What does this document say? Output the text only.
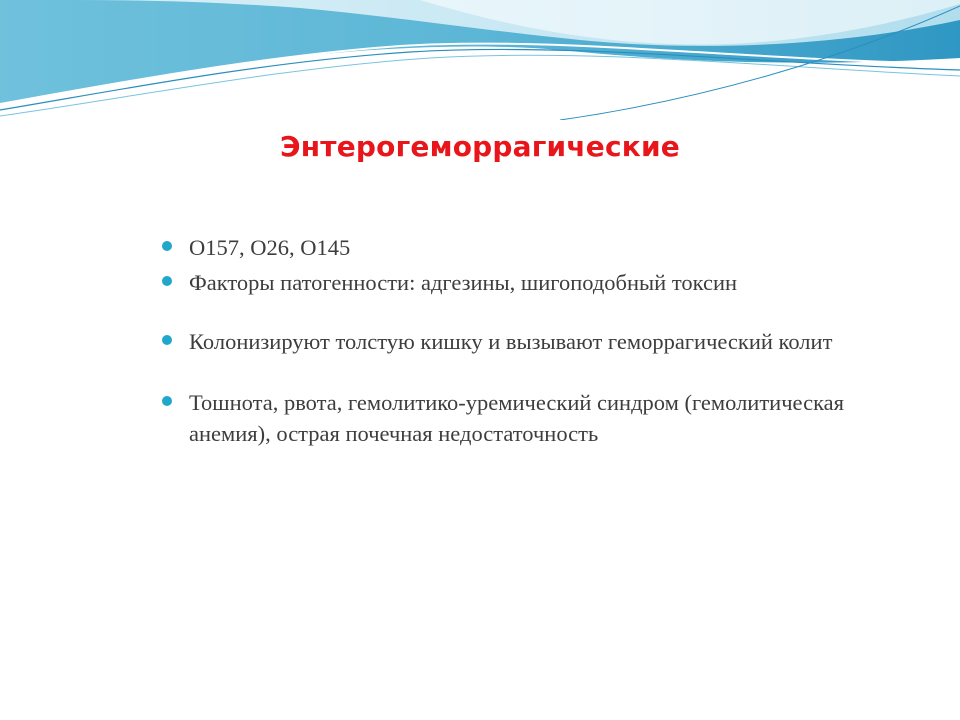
Энтерогеморрагические
O157, O26, O145
Факторы патогенности: адгезины, шигоподобный токсин
Колонизируют толстую кишку и вызывают геморрагический колит
Тошнота, рвота, гемолитико-уремический синдром (гемолитическая анемия), острая почечная недостаточность
